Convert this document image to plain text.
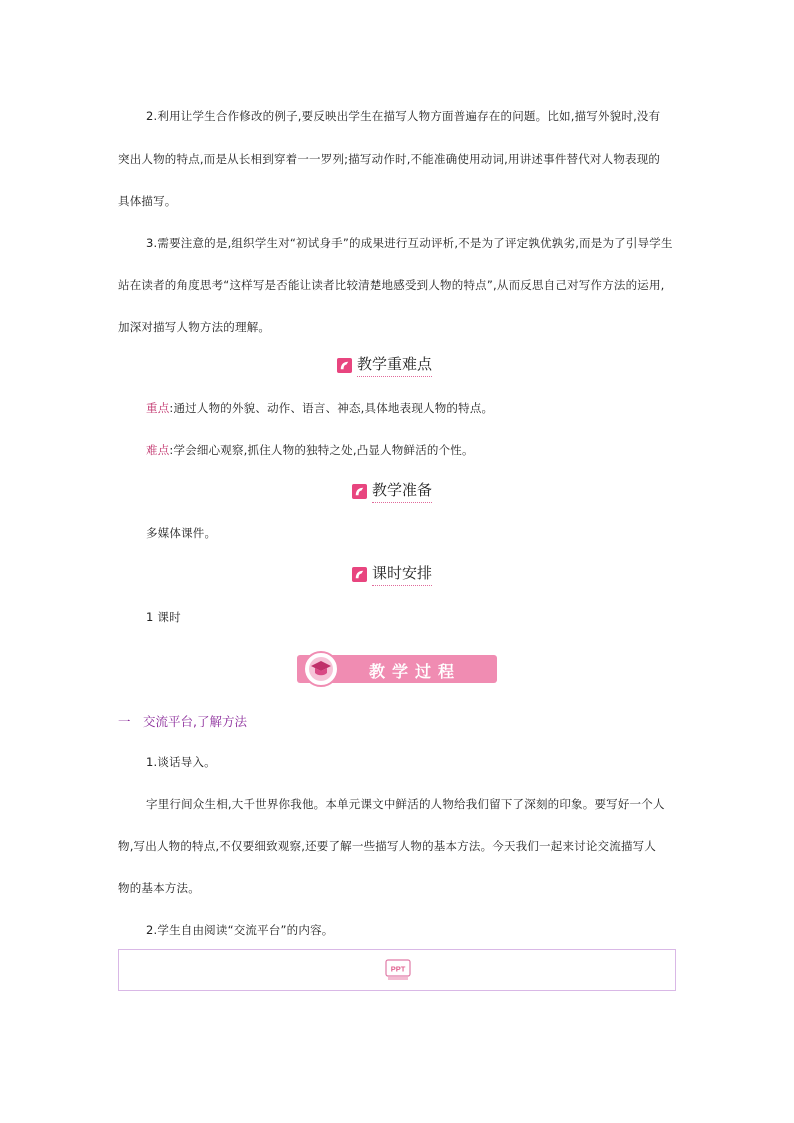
2.利用让学生合作修改的例子,要反映出学生在描写人物方面普遍存在的问题。比如,描写外貌时,没有
突出人物的特点,而是从长相到穿着一一罗列;描写动作时,不能准确使用动词,用讲述事件替代对人物表现的
具体描写。
3.需要注意的是,组织学生对“初试身手”的成果进行互动评析,不是为了评定孰优孰劣,而是为了引导学生
站在读者的角度思考“这样写是否能让读者比较清楚地感受到人物的特点”,从而反思自己对写作方法的运用,
加深对描写人物方法的理解。
教学重难点
重点:通过人物的外貌、动作、语言、神态,具体地表现人物的特点。
难点:学会细心观察,抓住人物的独特之处,凸显人物鲜活的个性。
教学准备
多媒体课件。
课时安排
1 课时
教学过程
一　交流平台,了解方法
1.谈话导入。
字里行间众生相,大千世界你我他。本单元课文中鲜活的人物给我们留下了深刻的印象。要写好一个人
物,写出人物的特点,不仅要细致观察,还要了解一些描写人物的基本方法。今天我们一起来讨论交流描写人
物的基本方法。
2.学生自由阅读“交流平台”的内容。
PPT
